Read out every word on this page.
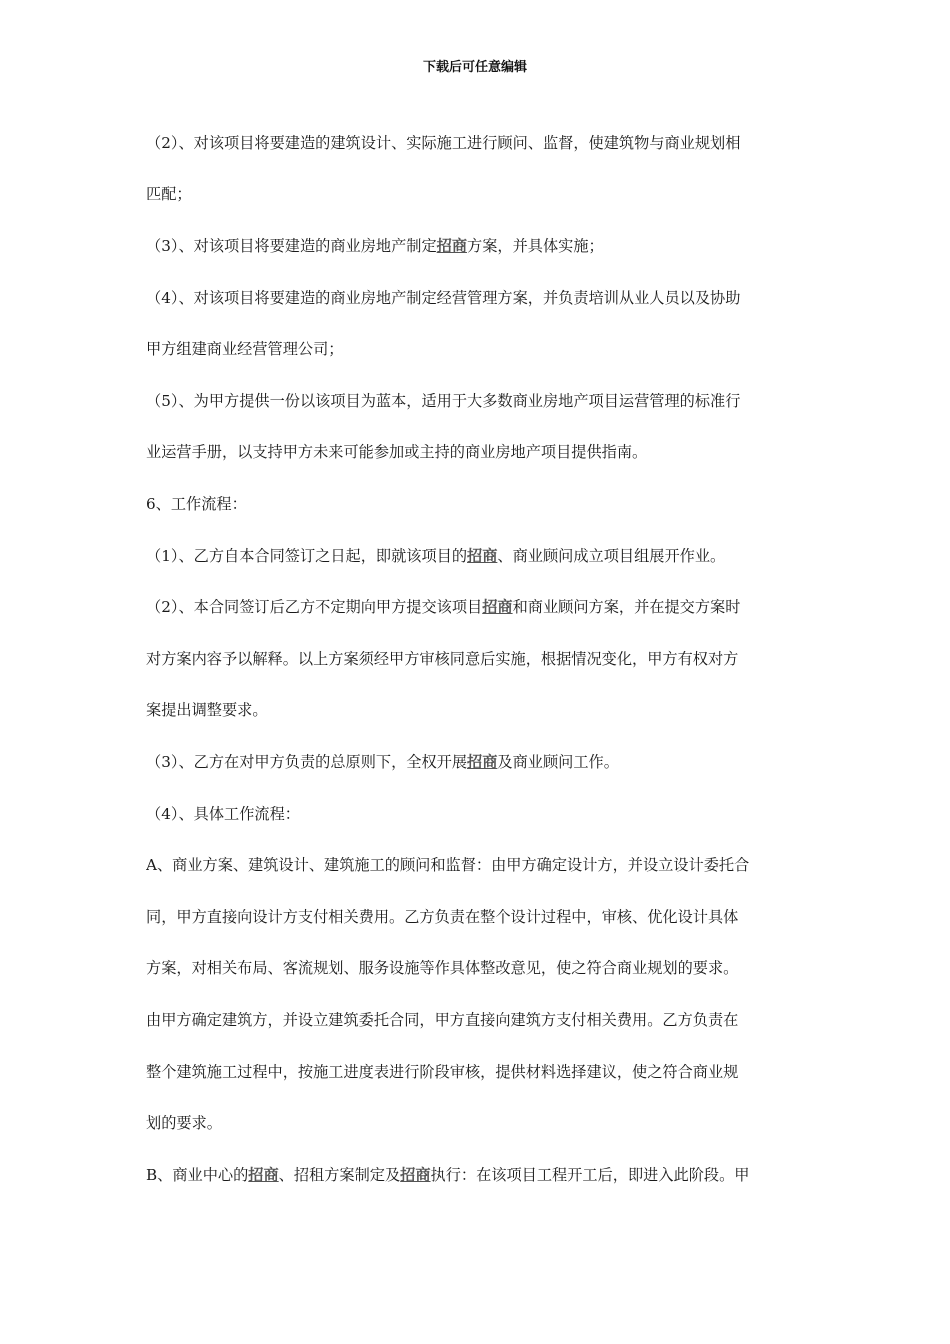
下载后可任意编辑
（2）、对该项目将要建造的建筑设计、实际施工进行顾问、监督，使建筑物与商业规划相
匹配；
（3）、对该项目将要建造的商业房地产制定招商方案，并具体实施；
（4）、对该项目将要建造的商业房地产制定经营管理方案，并负责培训从业人员以及协助
甲方组建商业经营管理公司；
（5）、为甲方提供一份以该项目为蓝本，适用于大多数商业房地产项目运营管理的标准行
业运营手册，以支持甲方未来可能参加或主持的商业房地产项目提供指南。
6、工作流程：
（1）、乙方自本合同签订之日起，即就该项目的招商、商业顾问成立项目组展开作业。
（2）、本合同签订后乙方不定期向甲方提交该项目招商和商业顾问方案，并在提交方案时
对方案内容予以解释。以上方案须经甲方审核同意后实施，根据情况变化，甲方有权对方
案提出调整要求。
（3）、乙方在对甲方负责的总原则下，全权开展招商及商业顾问工作。
（4）、具体工作流程：
A、商业方案、建筑设计、建筑施工的顾问和监督：由甲方确定设计方，并设立设计委托合
同，甲方直接向设计方支付相关费用。乙方负责在整个设计过程中，审核、优化设计具体
方案，对相关布局、客流规划、服务设施等作具体整改意见，使之符合商业规划的要求。
由甲方确定建筑方，并设立建筑委托合同，甲方直接向建筑方支付相关费用。乙方负责在
整个建筑施工过程中，按施工进度表进行阶段审核，提供材料选择建议，使之符合商业规
划的要求。
B、商业中心的招商、招租方案制定及招商执行：在该项目工程开工后，即进入此阶段。甲
